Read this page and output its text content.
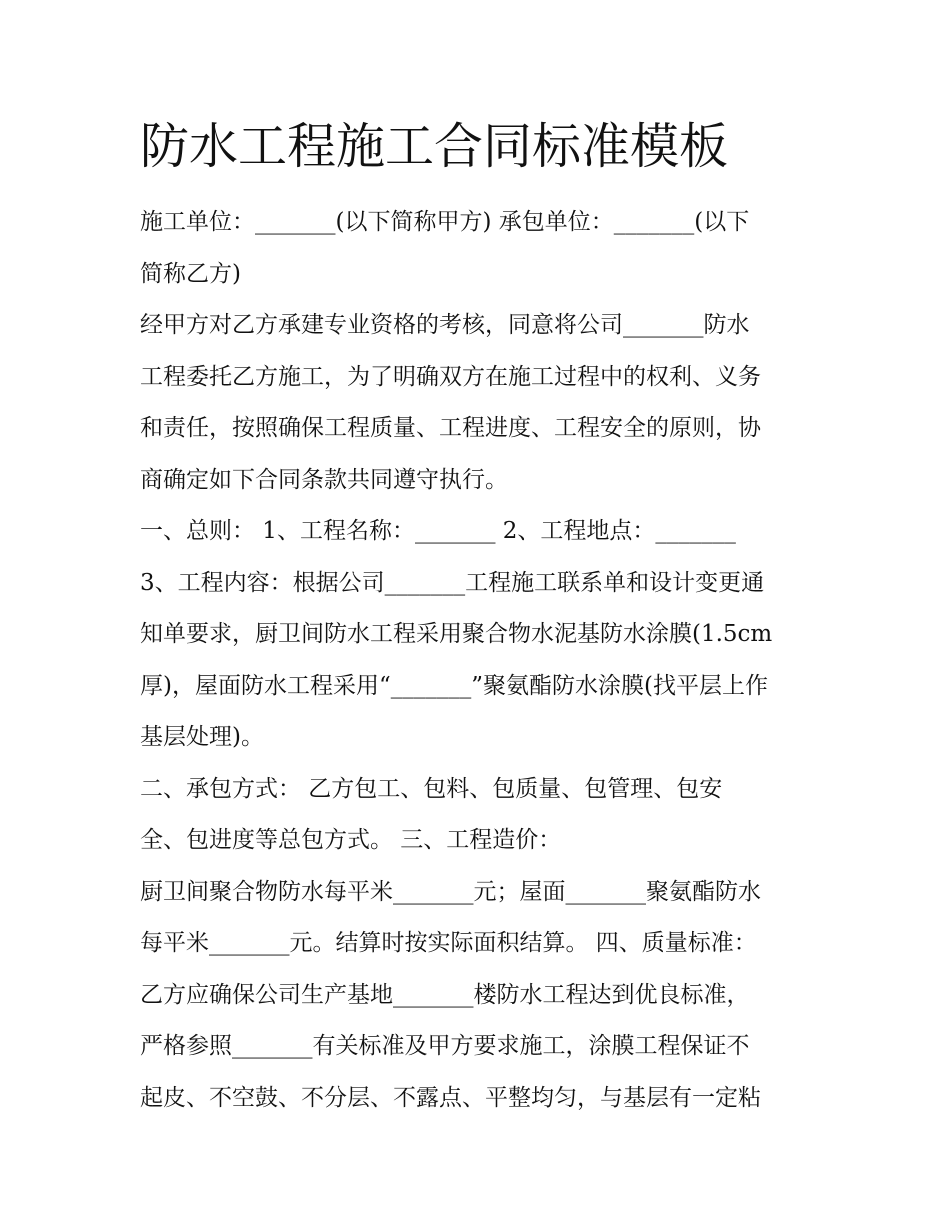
防水工程施工合同标准模板
施工单位：_______(以下简称甲方) 承包单位：_______(以下
简称乙方)
经甲方对乙方承建专业资格的考核，同意将公司_______防水
工程委托乙方施工，为了明确双方在施工过程中的权利、义务
和责任，按照确保工程质量、工程进度、工程安全的原则，协
商确定如下合同条款共同遵守执行。
一、总则： 1、工程名称：_______ 2、工程地点：_______
3、工程内容：根据公司_______工程施工联系单和设计变更通
知单要求，厨卫间防水工程采用聚合物水泥基防水涂膜(1.5cm
厚)，屋面防水工程采用“_______”聚氨酯防水涂膜(找平层上作
基层处理)。
二、承包方式： 乙方包工、包料、包质量、包管理、包安
全、包进度等总包方式。 三、工程造价：
厨卫间聚合物防水每平米_______元；屋面_______聚氨酯防水
每平米_______元。结算时按实际面积结算。 四、质量标准：
乙方应确保公司生产基地_______楼防水工程达到优良标准，
严格参照_______有关标准及甲方要求施工，涂膜工程保证不
起皮、不空鼓、不分层、不露点、平整均匀，与基层有一定粘
